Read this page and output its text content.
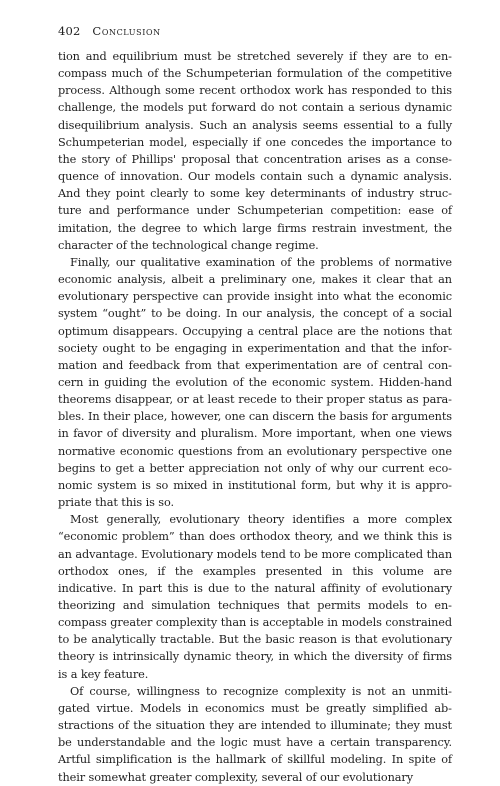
402 Conclusion

tion and equilibrium must be stretched severely if they are to encompass much of the Schumpeterian formulation of the competitive process. Although some recent orthodox work has responded to this challenge, the models put forward do not contain a serious dynamic disequilibrium analysis. Such an analysis seems essential to a fully Schumpeterian model, especially if one concedes the importance to the story of Phillips' proposal that concentration arises as a consequence of innovation. Our models contain such a dynamic analysis. And they point clearly to some key determinants of industry structure and performance under Schumpeterian competition: ease of imitation, the degree to which large firms restrain investment, the character of the technological change regime.

Finally, our qualitative examination of the problems of normative economic analysis, albeit a preliminary one, makes it clear that an evolutionary perspective can provide insight into what the economic system “ought” to be doing. In our analysis, the concept of a social optimum disappears. Occupying a central place are the notions that society ought to be engaging in experimentation and that the information and feedback from that experimentation are of central concern in guiding the evolution of the economic system. Hidden-hand theorems disappear, or at least recede to their proper status as parables. In their place, however, one can discern the basis for arguments in favor of diversity and pluralism. More important, when one views normative economic questions from an evolutionary perspective one begins to get a better appreciation not only of why our current economic system is so mixed in institutional form, but why it is appropriate that this is so.

Most generally, evolutionary theory identifies a more complex “economic problem” than does orthodox theory, and we think this is an advantage. Evolutionary models tend to be more complicated than orthodox ones, if the examples presented in this volume are indicative. In part this is due to the natural affinity of evolutionary theorizing and simulation techniques that permits models to encompass greater complexity than is acceptable in models constrained to be analytically tractable. But the basic reason is that evolutionary theory is intrinsically dynamic theory, in which the diversity of firms is a key feature.

Of course, willingness to recognize complexity is not an unmitigated virtue. Models in economics must be greatly simplified abstractions of the situation they are intended to illuminate; they must be understandable and the logic must have a certain transparency. Artful simplification is the hallmark of skillful modeling. In spite of their somewhat greater complexity, several of our evolutionary
